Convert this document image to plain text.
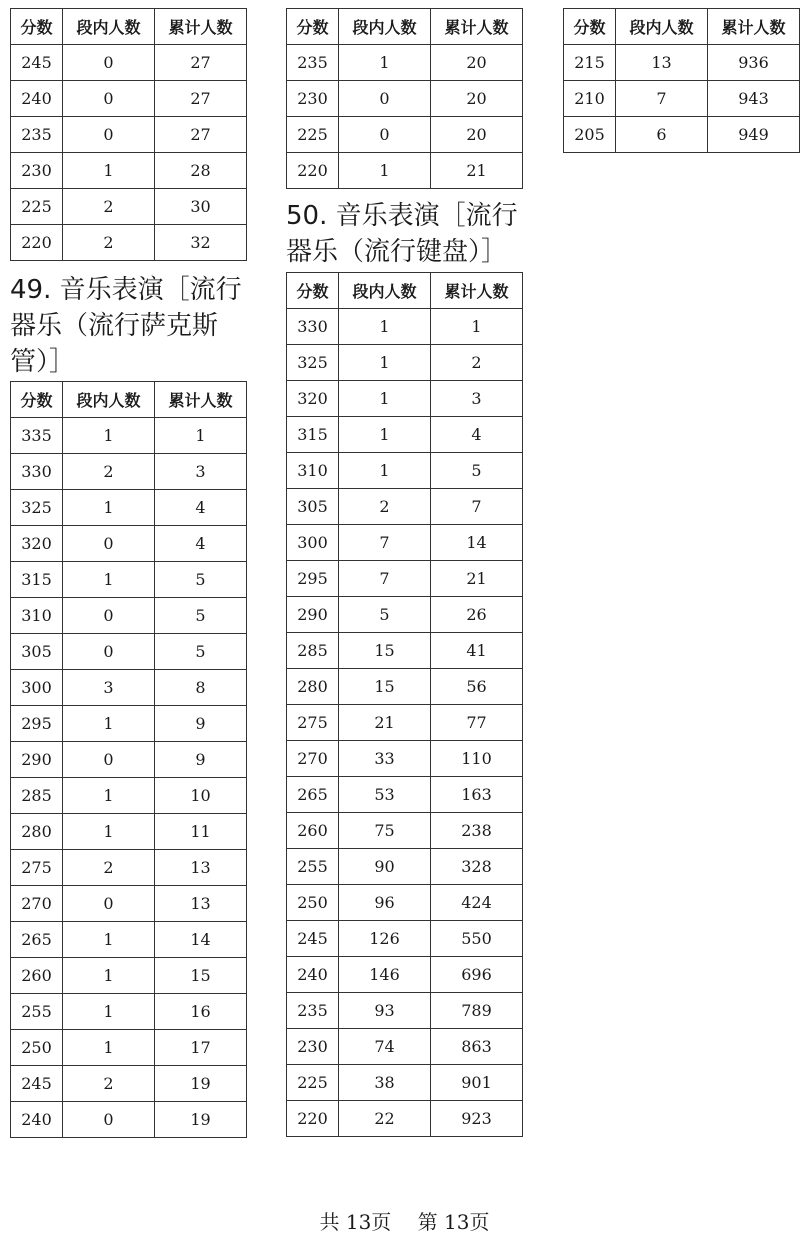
分数	段内人数	累计人数
245	0	27
240	0	27
235	0	27
230	1	28
225	2	30
220	2	32
49. 音乐表演［流行器乐（流行萨克斯管）］
分数	段内人数	累计人数
335	1	1
330	2	3
325	1	4
320	0	4
315	1	5
310	0	5
305	0	5
300	3	8
295	1	9
290	0	9
285	1	10
280	1	11
275	2	13
270	0	13
265	1	14
260	1	15
255	1	16
250	1	17
245	2	19
240	0	19
分数	段内人数	累计人数
235	1	20
230	0	20
225	0	20
220	1	21
50. 音乐表演［流行器乐（流行键盘）］
分数	段内人数	累计人数
330	1	1
325	1	2
320	1	3
315	1	4
310	1	5
305	2	7
300	7	14
295	7	21
290	5	26
285	15	41
280	15	56
275	21	77
270	33	110
265	53	163
260	75	238
255	90	328
250	96	424
245	126	550
240	146	696
235	93	789
230	74	863
225	38	901
220	22	923
分数	段内人数	累计人数
215	13	936
210	7	943
205	6	949
共 13页 第 13页
